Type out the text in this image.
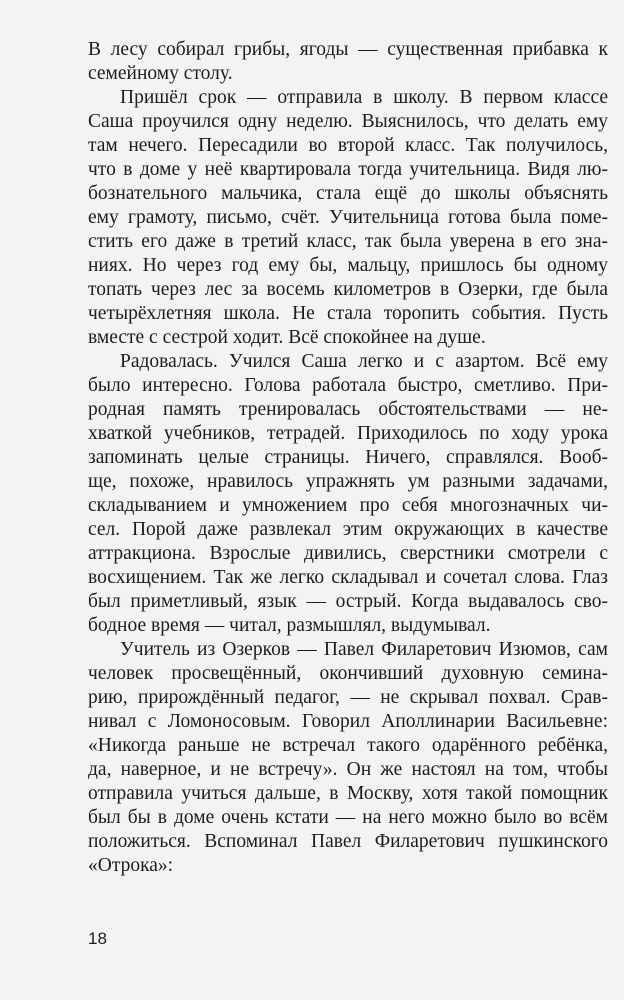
В лесу собирал грибы, ягоды — существенная прибавка к
семейному столу.
Пришёл срок — отправила в школу. В первом классе
Саша проучился одну неделю. Выяснилось, что делать ему
там нечего. Пересадили во второй класс. Так получилось,
что в доме у неё квартировала тогда учительница. Видя лю-
бознательного мальчика, стала ещё до школы объяснять
ему грамоту, письмо, счёт. Учительница готова была поме-
стить его даже в третий класс, так была уверена в его зна-
ниях. Но через год ему бы, мальцу, пришлось бы одному
топать через лес за восемь километров в Озерки, где была
четырёхлетняя школа. Не стала торопить события. Пусть
вместе с сестрой ходит. Всё спокойнее на душе.
Радовалась. Учился Саша легко и с азартом. Всё ему
было интересно. Голова работала быстро, сметливо. При-
родная память тренировалась обстоятельствами — не-
хваткой учебников, тетрадей. Приходилось по ходу урока
запоминать целые страницы. Ничего, справлялся. Вооб-
ще, похоже, нравилось упражнять ум разными задачами,
складыванием и умножением про себя многозначных чи-
сел. Порой даже развлекал этим окружающих в качестве
аттракциона. Взрослые дивились, сверстники смотрели с
восхищением. Так же легко складывал и сочетал слова. Глаз
был приметливый, язык — острый. Когда выдавалось сво-
бодное время — читал, размышлял, выдумывал.
Учитель из Озерков — Павел Филаретович Изюмов, сам
человек просвещённый, окончивший духовную семина-
рию, прирождённый педагог, — не скрывал похвал. Срав-
нивал с Ломоносовым. Говорил Аполлинарии Васильевне:
«Никогда раньше не встречал такого одарённого ребёнка,
да, наверное, и не встречу». Он же настоял на том, чтобы
отправила учиться дальше, в Москву, хотя такой помощник
был бы в доме очень кстати — на него можно было во всём
положиться. Вспоминал Павел Филаретович пушкинского
«Отрока»:
18
